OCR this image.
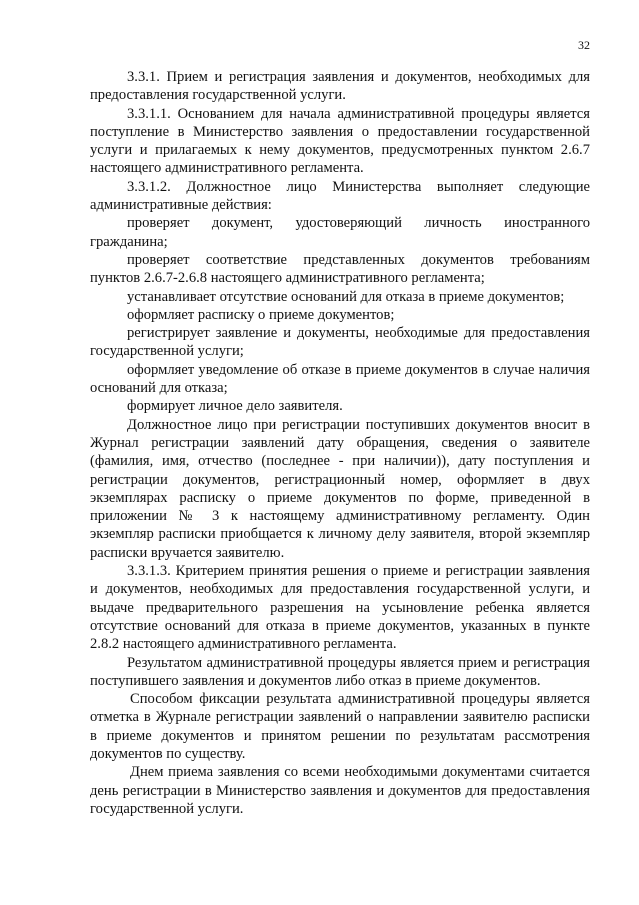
32

3.3.1. Прием и регистрация заявления и документов, необходимых для предоставления государственной услуги.

3.3.1.1. Основанием для начала административной процедуры является поступление в Министерство заявления о предоставлении государственной услуги и прилагаемых к нему документов, предусмотренных пунктом 2.6.7 настоящего административного регламента.

3.3.1.2. Должностное лицо Министерства выполняет следующие административные действия:

проверяет документ, удостоверяющий личность иностранного гражданина;

проверяет соответствие представленных документов требованиям пунктов 2.6.7-2.6.8 настоящего административного регламента;

устанавливает отсутствие оснований для отказа в приеме документов;

оформляет расписку о приеме документов;

регистрирует заявление и документы, необходимые для предоставления государственной услуги;

оформляет уведомление об отказе в приеме документов в случае наличия оснований для отказа;

формирует личное дело заявителя.

Должностное лицо при регистрации поступивших документов вносит в Журнал регистрации заявлений дату обращения, сведения о заявителе (фамилия, имя, отчество (последнее - при наличии)), дату поступления и регистрации документов, регистрационный номер, оформляет в двух экземплярах расписку о приеме документов по форме, приведенной в приложении № 3 к настоящему административному регламенту. Один экземпляр расписки приобщается к личному делу заявителя, второй экземпляр расписки вручается заявителю.

3.3.1.3. Критерием принятия решения о приеме и регистрации заявления и документов, необходимых для предоставления государственной услуги, и выдаче предварительного разрешения на усыновление ребенка является отсутствие оснований для отказа в приеме документов, указанных в пункте 2.8.2 настоящего административного регламента.

Результатом административной процедуры является прием и регистрация поступившего заявления и документов либо отказ в приеме документов.

Способом фиксации результата административной процедуры является отметка в Журнале регистрации заявлений о направлении заявителю расписки в приеме документов и принятом решении по результатам рассмотрения документов по существу.

Днем приема заявления со всеми необходимыми документами считается день регистрации в Министерство заявления и документов для предоставления государственной услуги.
